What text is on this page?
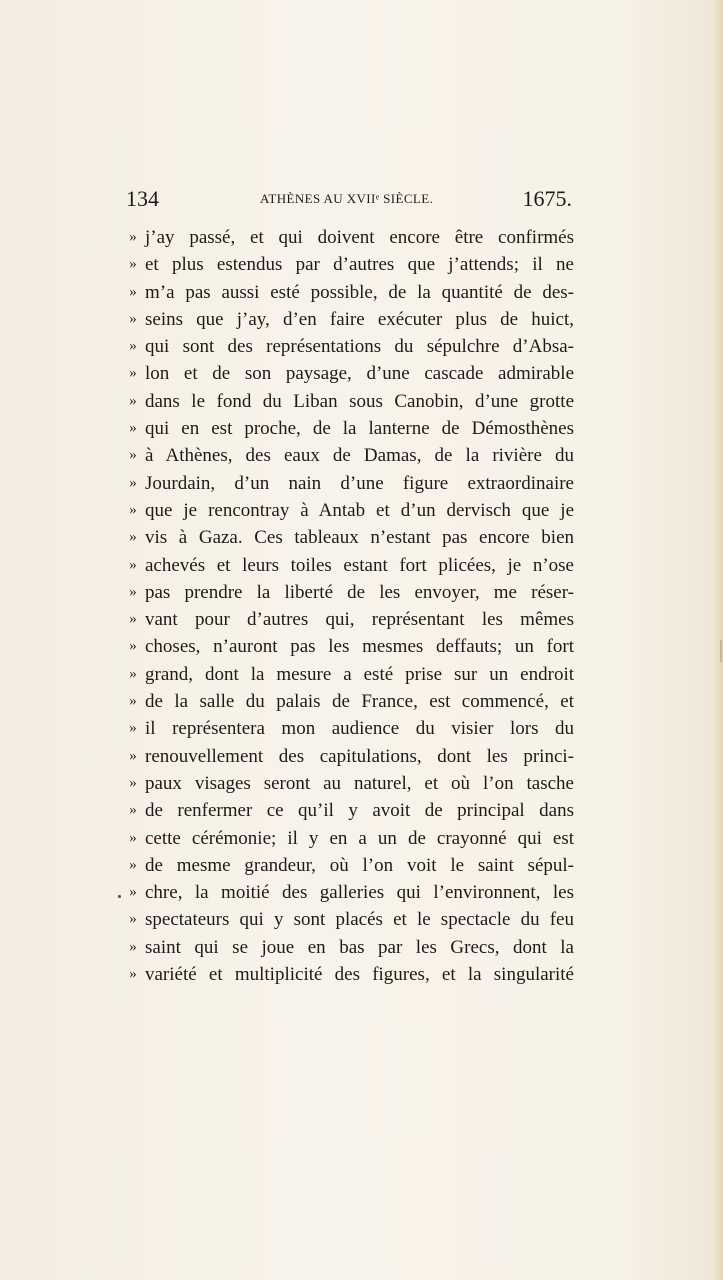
134	ATHÈNES AU XVIIᵉ SIÈCLE.	1675.
» j’ay passé, et qui doivent encore être confirmés
» et plus estendus par d’autres que j’attends; il ne
» m’a pas aussi esté possible, de la quantité de des-
» seins que j’ay, d’en faire exécuter plus de huict,
» qui sont des représentations du sépulchre d’Absa-
» lon et de son paysage, d’une cascade admirable
» dans le fond du Liban sous Canobin, d’une grotte
» qui en est proche, de la lanterne de Démosthènes
» à Athènes, des eaux de Damas, de la rivière du
» Jourdain, d’un nain d’une figure extraordinaire
» que je rencontray à Antab et d’un dervisch que je
» vis à Gaza. Ces tableaux n’estant pas encore bien
» achevés et leurs toiles estant fort plicées, je n’ose
» pas prendre la liberté de les envoyer, me réser-
» vant pour d’autres qui, représentant les mêmes
» choses, n’auront pas les mesmes deffauts; un fort
» grand, dont la mesure a esté prise sur un endroit
» de la salle du palais de France, est commencé, et
» il représentera mon audience du visier lors du
» renouvellement des capitulations, dont les princi-
» paux visages seront au naturel, et où l’on tasche
» de renfermer ce qu’il y avoit de principal dans
» cette cérémonie; il y en a un de crayonné qui est
» de mesme grandeur, où l’on voit le saint sépul-
» chre, la moitié des galleries qui l’environnent, les
» spectateurs qui y sont placés et le spectacle du feu
» saint qui se joue en bas par les Grecs, dont la
» variété et multiplicité des figures, et la singularité
